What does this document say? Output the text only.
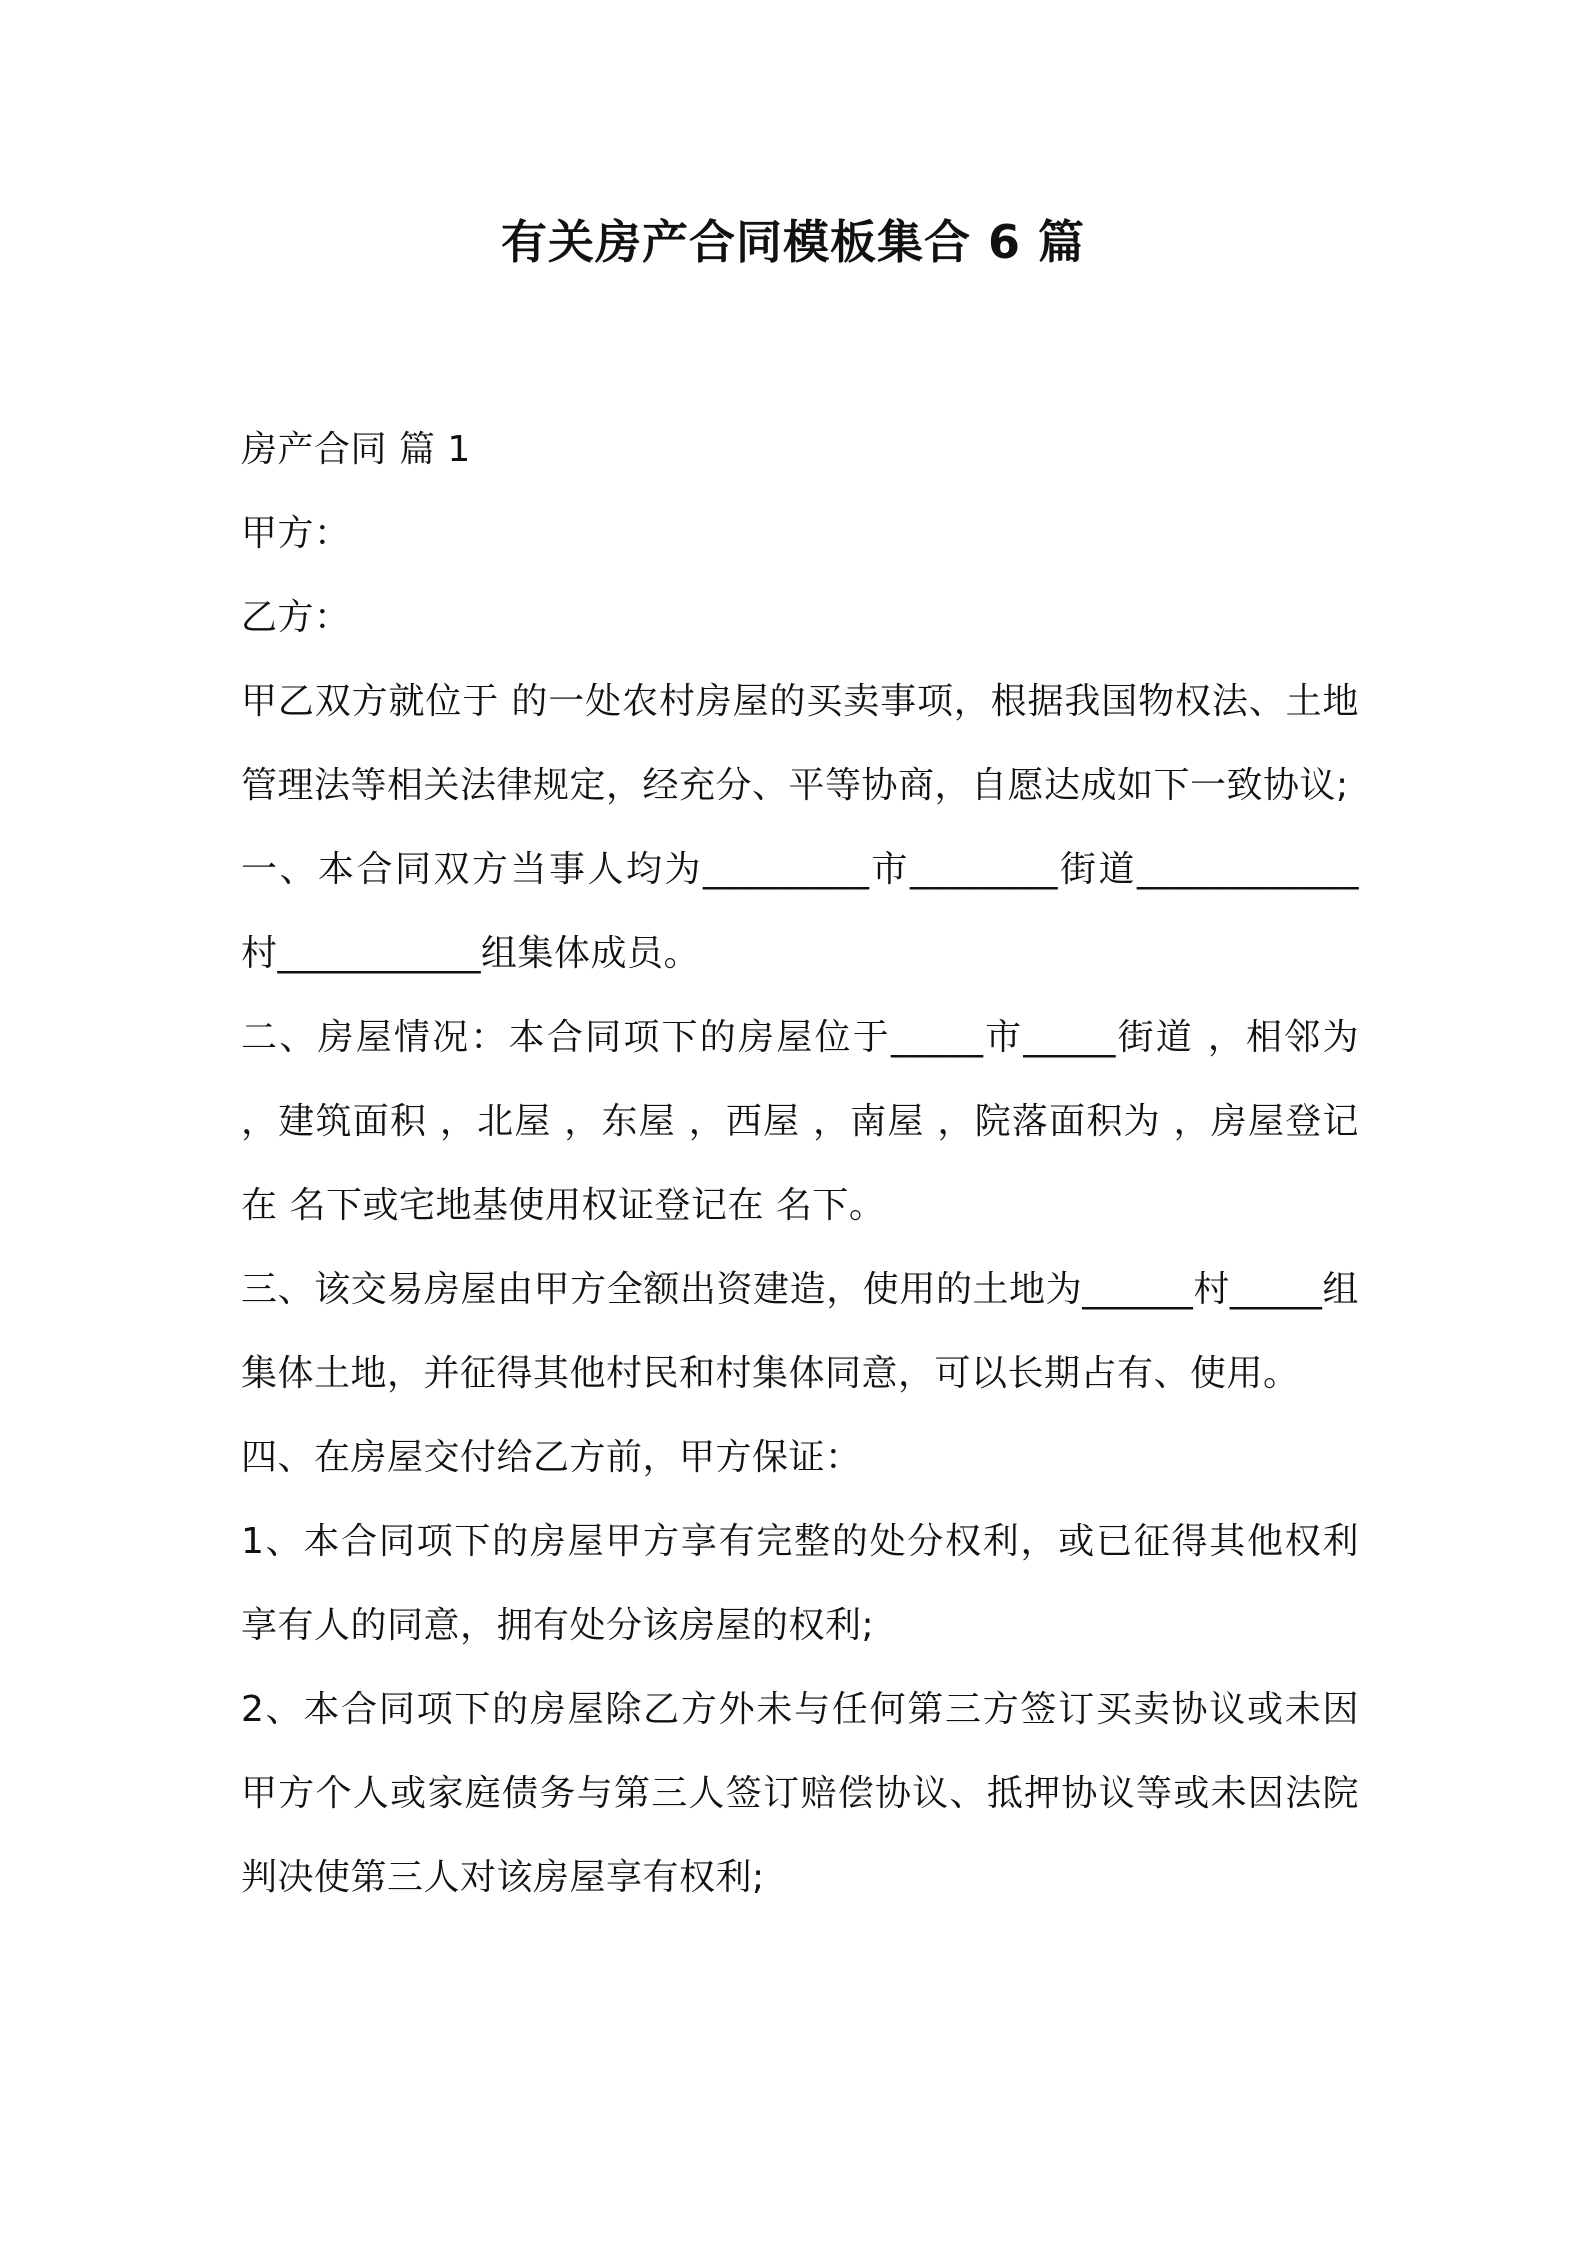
有关房产合同模板集合 6 篇

房产合同 篇 1

甲方：

乙方：

甲乙双方就位于 的一处农村房屋的买卖事项，根据我国物权法、土地管理法等相关法律规定，经充分、平等协商，自愿达成如下一致协议;

一、本合同双方当事人均为_________市________街道____________村___________组集体成员。

二、房屋情况：本合同项下的房屋位于_____市_____街道 ，相邻为 ，建筑面积 ，北屋 ，东屋 ，西屋 ，南屋 ，院落面积为 ，房屋登记在 名下或宅地基使用权证登记在 名下。

三、该交易房屋由甲方全额出资建造，使用的土地为______村_____组集体土地，并征得其他村民和村集体同意，可以长期占有、使用。

四、在房屋交付给乙方前，甲方保证：

1、本合同项下的房屋甲方享有完整的处分权利，或已征得其他权利享有人的同意，拥有处分该房屋的权利;

2、本合同项下的房屋除乙方外未与任何第三方签订买卖协议或未因甲方个人或家庭债务与第三人签订赔偿协议、抵押协议等或未因法院判决使第三人对该房屋享有权利;
